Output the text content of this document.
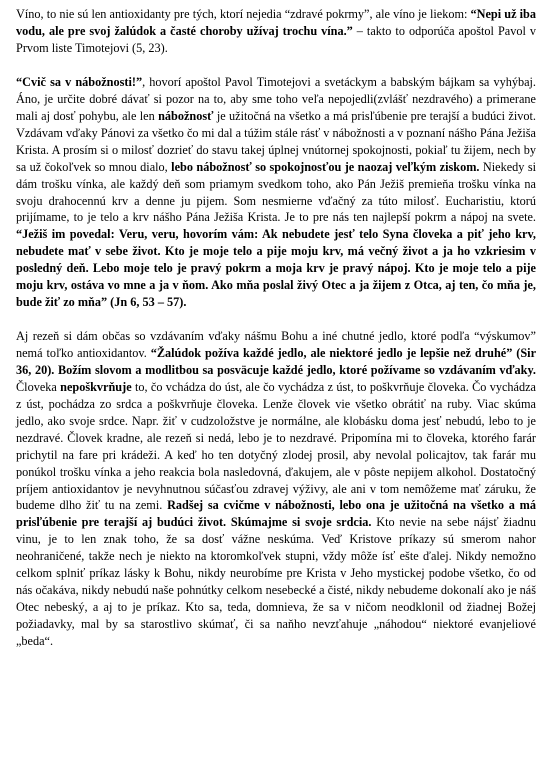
Víno, to nie sú len antioxidanty pre tých, ktorí nejedia “zdravé pokrmy”, ale víno je liekom: “Nepi už iba vodu, ale pre svoj žalúdok a časté choroby užívaj trochu vína.” – takto to odporúča apoštol Pavol v Prvom liste Timotejovi (5, 23).

“Cvič sa v nábožnosti!”, hovorí apoštol Pavol Timotejovi a svetáckym a babským bájkam sa vyhýbaj. Áno, je určite dobré dávať si pozor na to, aby sme toho veľa nepojedli(zvlášť nezdravého) a primerane mali aj dosť pohybu, ale len nábožnosť je užitočná na všetko a má prisľúbenie pre terajší a budúci život. Vzdávam vďaky Pánovi za všetko čo mi dal a túžim stále rásť v nábožnosti a v poznaní nášho Pána Ježiša Krista. A prosím si o milosť dozrieť do stavu takej úplnej vnútornej spokojnosti, pokiaľ tu žijem, nech by sa už čokoľvek so mnou dialo, lebo nábožnosť so spokojnosťou je naozaj veľkým ziskom. Niekedy si dám trošku vínka, ale každý deň som priamym svedkom toho, ako Pán Ježiš premieňa trošku vínka na svoju drahocennú krv a denne ju pijem. Som nesmierne vďačný za túto milosť. Eucharistiu, ktorú prijímame, to je telo a krv nášho Pána Ježiša Krista. Je to pre nás ten najlepší pokrm a nápoj na svete. “Ježiš im povedal: Veru, veru, hovorím vám: Ak nebudete jesť telo Syna človeka a piť jeho krv, nebudete mať v sebe život. Kto je moje telo a pije moju krv, má večný život a ja ho vzkriesim v posledný deň. Lebo moje telo je pravý pokrm a moja krv je pravý nápoj. Kto je moje telo a pije moju krv, ostáva vo mne a ja v ňom. Ako mňa poslal živý Otec a ja žijem z Otca, aj ten, čo mňa je, bude žiť zo mňa” (Jn 6, 53 – 57).

Aj rezeň si dám občas so vzdávaním vďaky nášmu Bohu a iné chutné jedlo, ktoré podľa “výskumov” nemá toľko antioxidantov. “Žalúdok požíva každé jedlo, ale niektoré jedlo je lepšie než druhé” (Sir 36, 20). Božím slovom a modlitbou sa posväcuje každé jedlo, ktoré požívame so vzdávaním vďaky. Človeka nepoškvrňuje to, čo vchádza do úst, ale čo vychádza z úst, to poškvrňuje človeka. Čo vychádza z úst, pochádza zo srdca a poškvrňuje človeka. Lenže človek vie všetko obrátiť na ruby. Viac skúma jedlo, ako svoje srdce. Napr. žiť v cudzoložstve je normálne, ale klobásku doma jesť nebudú, lebo to je nezdravé. Človek kradne, ale rezeň si nedá, lebo je to nezdravé. Pripomína mi to človeka, ktorého farár prichytil na fare pri krádeži. A keď ho ten dotyčný zlodej prosil, aby nevolal policajtov, tak farár mu ponúkol trošku vínka a jeho reakcia bola nasledovná, ďakujem, ale v pôste nepijem alkohol. Dostatočný príjem antioxidantov je nevyhnutnou súčasťou zdravej výživy, ale ani v tom nemôžeme mať záruku, že budeme dlho žiť tu na zemi. Radšej sa cvičme v nábožnosti, lebo ona je užitočná na všetko a má prisľúbenie pre terajší aj budúci život. Skúmajme si svoje srdcia. Kto nevie na sebe nájsť žiadnu vinu, je to len znak toho, že sa dosť vážne neskúma. Veď Kristove príkazy sú smerom nahor neohraničené, takže nech je niekto na ktoromkoľvek stupni, vždy môže ísť ešte ďalej. Nikdy nemožno celkom splniť príkaz lásky k Bohu, nikdy neurobíme pre Krista v Jeho mystickej podobe všetko, čo od nás očakáva, nikdy nebudú naše pohnútky celkom nesebecké a čisté, nikdy nebudeme dokonalí ako je náš Otec nebeský, a aj to je príkaz. Kto sa, teda, domnieva, že sa v ničom neodklonil od žiadnej Božej požiadavky, mal by sa starostlivo skúmať, či sa naňho nevzťahuje „náhodou“ niektoré evanjeliové „beda“.
